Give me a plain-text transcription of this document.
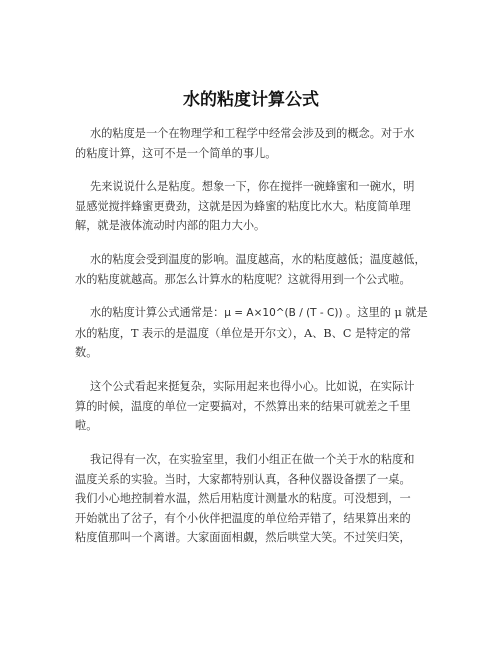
水的粘度计算公式

水的粘度是一个在物理学和工程学中经常会涉及到的概念。对于水
的粘度计算，这可不是一个简单的事儿。

先来说说什么是粘度。想象一下，你在搅拌一碗蜂蜜和一碗水，明
显感觉搅拌蜂蜜更费劲，这就是因为蜂蜜的粘度比水大。粘度简单理
解，就是液体流动时内部的阻力大小。

水的粘度会受到温度的影响。温度越高，水的粘度越低；温度越低，
水的粘度就越高。那怎么计算水的粘度呢？这就得用到一个公式啦。

水的粘度计算公式通常是：μ = A×10^(B / (T - C)) 。这里的 μ 就是
水的粘度，T 表示的是温度（单位是开尔文），A、B、C 是特定的常
数。

这个公式看起来挺复杂，实际用起来也得小心。比如说，在实际计
算的时候，温度的单位一定要搞对，不然算出来的结果可就差之千里
啦。

我记得有一次，在实验室里，我们小组正在做一个关于水的粘度和
温度关系的实验。当时，大家都特别认真，各种仪器设备摆了一桌。
我们小心地控制着水温，然后用粘度计测量水的粘度。可没想到，一
开始就出了岔子，有个小伙伴把温度的单位给弄错了，结果算出来的
粘度值那叫一个离谱。大家面面相觑，然后哄堂大笑。不过笑归笑，
